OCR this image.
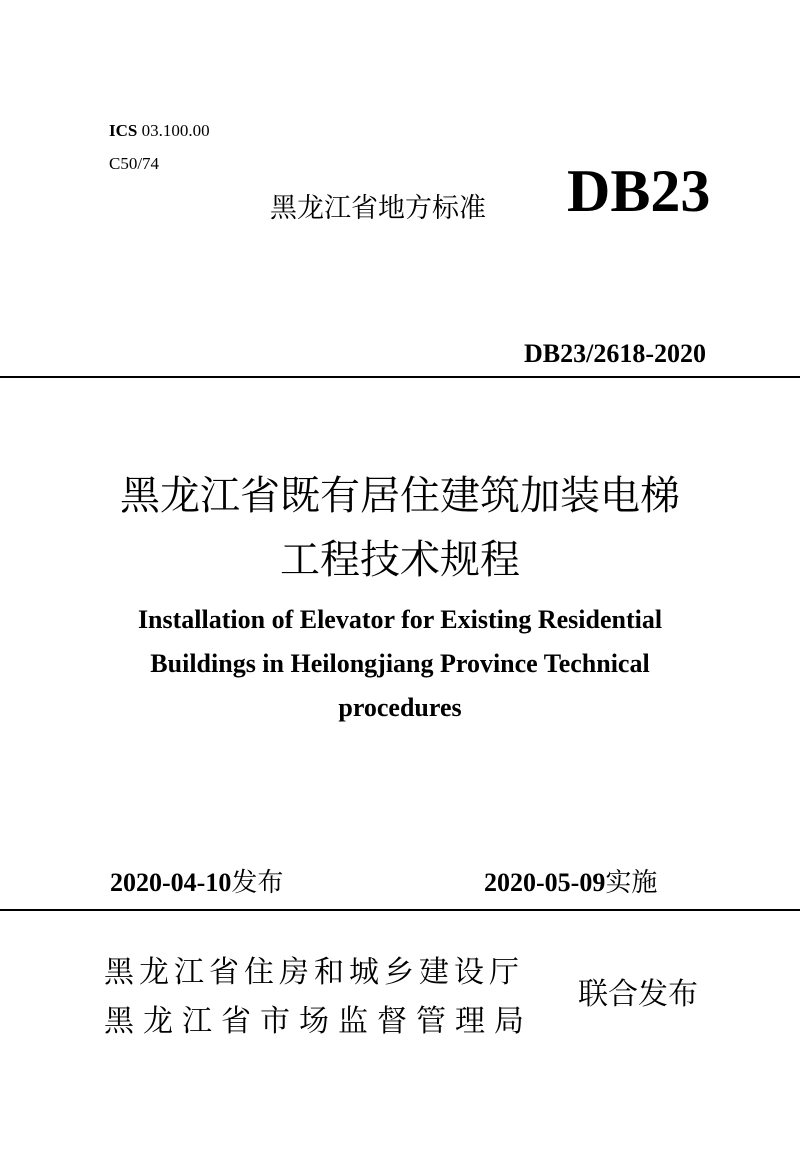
ICS 03.100.00
C50/74
黑龙江省地方标准 DB23
DB23/2618-2020
黑龙江省既有居住建筑加装电梯
工程技术规程
Installation of Elevator for Existing Residential Buildings in Heilongjiang Province Technical procedures
2020-04-10发布	2020-05-09实施
黑龙江省住房和城乡建设厅
黑龙江省市场监督管理局
联合发布
